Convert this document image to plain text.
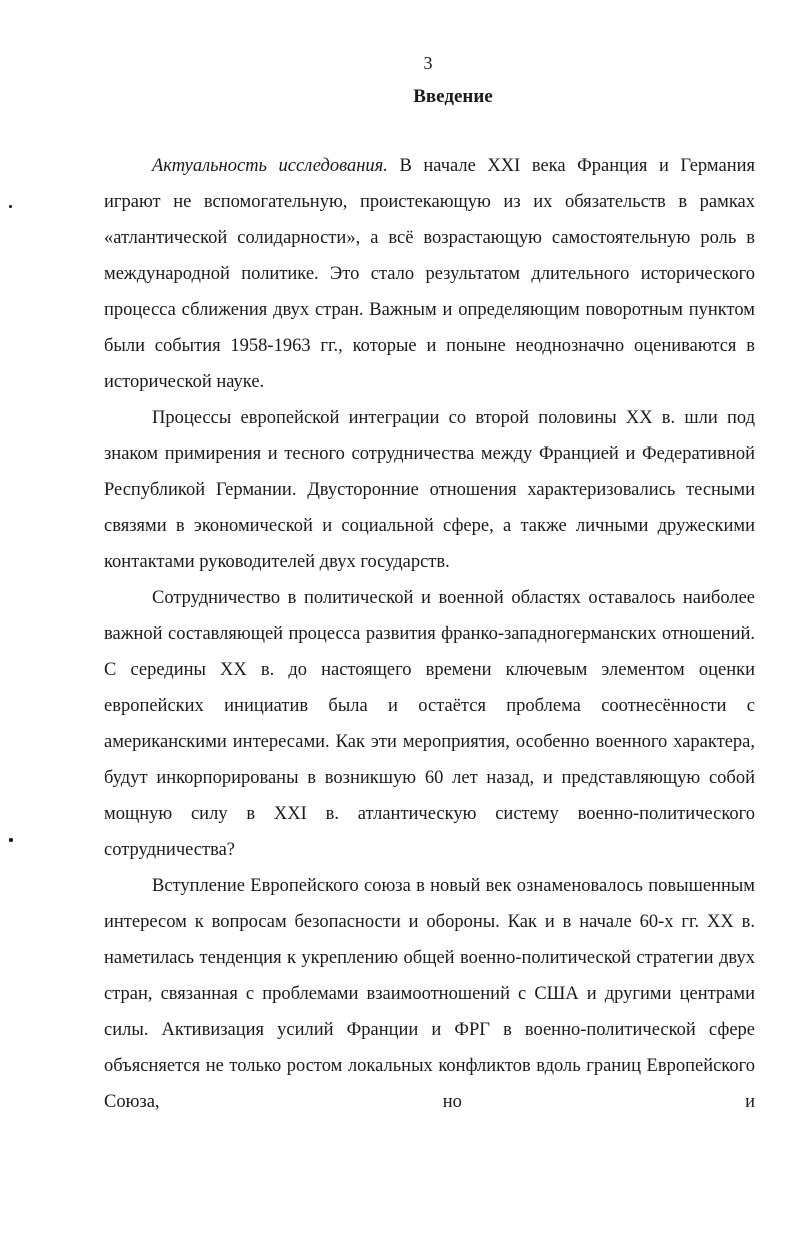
3
Введение

Актуальность исследования. В начале XXI века Франция и Германия играют не вспомогательную, проистекающую из их обязательств в рамках «атлантической солидарности», а всё возрастающую самостоятельную роль в международной политике. Это стало результатом длительного исторического процесса сближения двух стран. Важным и определяющим поворотным пунктом были события 1958-1963 гг., которые и поныне неоднозначно оцениваются в исторической науке.

Процессы европейской интеграции со второй половины XX в. шли под знаком примирения и тесного сотрудничества между Францией и Федеративной Республикой Германии. Двусторонние отношения характеризовались тесными связями в экономической и социальной сфере, а также личными дружескими контактами руководителей двух государств.

Сотрудничество в политической и военной областях оставалось наиболее важной составляющей процесса развития франко-западногерманских отношений. С середины XX в. до настоящего времени ключевым элементом оценки европейских инициатив была и остаётся проблема соотнесённости с американскими интересами. Как эти мероприятия, особенно военного характера, будут инкорпорированы в возникшую 60 лет назад, и представляющую собой мощную силу в XXI в. атлантическую систему военно-политического сотрудничества?

Вступление Европейского союза в новый век ознаменовалось повышенным интересом к вопросам безопасности и обороны. Как и в начале 60-х гг. XX в. наметилась тенденция к укреплению общей военно-политической стратегии двух стран, связанная с проблемами взаимоотношений с США и другими центрами силы. Активизация усилий Франции и ФРГ в военно-политической сфере объясняется не только ростом локальных конфликтов вдоль границ Европейского Союза, но и
